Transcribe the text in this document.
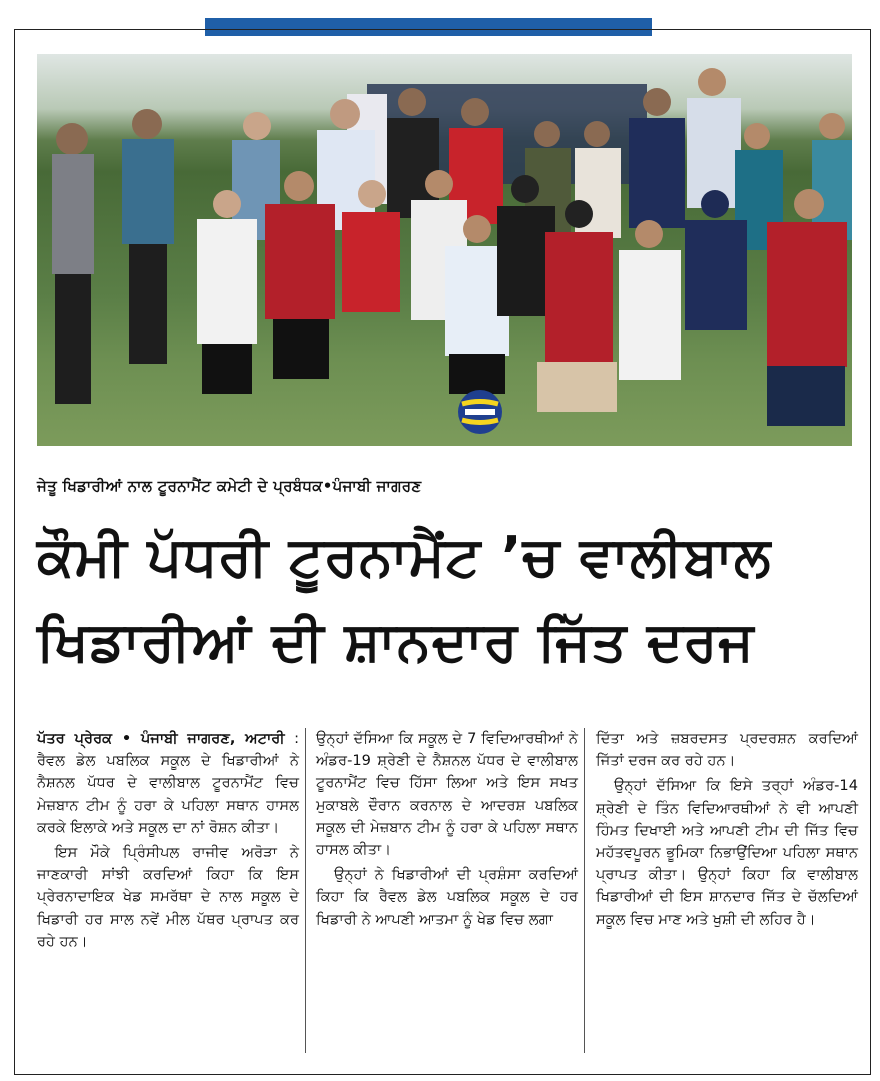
ਜੇਤੂ ਖਿਡਾਰੀਆਂ ਨਾਲ ਟੂਰਨਾਮੈਂਟ ਕਮੇਟੀ ਦੇ ਪ੍ਰਬੰਧਕ•ਪੰਜਾਬੀ ਜਾਗਰਣ
ਕੌਮੀ ਪੱਧਰੀ ਟੂਰਨਾਮੈਂਟ ’ਚ ਵਾਲੀਬਾਲ
ਖਿਡਾਰੀਆਂ ਦੀ ਸ਼ਾਨਦਾਰ ਜਿੱਤ ਦਰਜ

ਪੱਤਰ ਪ੍ਰੇਰਕ • ਪੰਜਾਬੀ ਜਾਗਰਣ, ਅਟਾਰੀ : ਰੈਵਲ ਡੇਲ ਪਬਲਿਕ ਸਕੂਲ ਦੇ ਖਿਡਾਰੀਆਂ ਨੇ ਨੈਸ਼ਨਲ ਪੱਧਰ ਦੇ ਵਾਲੀਬਾਲ ਟੂਰਨਾਮੈਂਟ ਵਿਚ ਮੇਜ਼ਬਾਨ ਟੀਮ ਨੂੰ ਹਰਾ ਕੇ ਪਹਿਲਾ ਸਥਾਨ ਹਾਸਲ ਕਰਕੇ ਇਲਾਕੇ ਅਤੇ ਸਕੂਲ ਦਾ ਨਾਂ ਰੋਸ਼ਨ ਕੀਤਾ।

ਇਸ ਮੌਕੇ ਪ੍ਰਿੰਸੀਪਲ ਰਾਜੀਵ ਅਰੋੜਾ ਨੇ ਜਾਣਕਾਰੀ ਸਾਂਝੀ ਕਰਦਿਆਂ ਕਿਹਾ ਕਿ ਇਸ ਪ੍ਰੇਰਨਾਦਾਇਕ ਖੇਡ ਸਮਰੱਥਾ ਦੇ ਨਾਲ ਸਕੂਲ ਦੇ ਖਿਡਾਰੀ ਹਰ ਸਾਲ ਨਵੇਂ ਮੀਲ ਪੱਥਰ ਪ੍ਰਾਪਤ ਕਰ ਰਹੇ ਹਨ।

ਉਨ੍ਹਾਂ ਦੱਸਿਆ ਕਿ ਸਕੂਲ ਦੇ 7 ਵਿਦਿਆਰਥੀਆਂ ਨੇ ਅੰਡਰ-19 ਸ਼੍ਰੇਣੀ ਦੇ ਨੈਸ਼ਨਲ ਪੱਧਰ ਦੇ ਵਾਲੀਬਾਲ ਟੂਰਨਾਮੈਂਟ ਵਿਚ ਹਿੱਸਾ ਲਿਆ ਅਤੇ ਇਸ ਸਖਤ ਮੁਕਾਬਲੇ ਦੌਰਾਨ ਕਰਨਾਲ ਦੇ ਆਦਰਸ਼ ਪਬਲਿਕ ਸਕੂਲ ਦੀ ਮੇਜ਼ਬਾਨ ਟੀਮ ਨੂੰ ਹਰਾ ਕੇ ਪਹਿਲਾ ਸਥਾਨ ਹਾਸਲ ਕੀਤਾ।

ਉਨ੍ਹਾਂ ਨੇ ਖਿਡਾਰੀਆਂ ਦੀ ਪ੍ਰਸ਼ੰਸਾ ਕਰਦਿਆਂ ਕਿਹਾ ਕਿ ਰੈਵਲ ਡੇਲ ਪਬਲਿਕ ਸਕੂਲ ਦੇ ਹਰ ਖਿਡਾਰੀ ਨੇ ਆਪਣੀ ਆਤਮਾ ਨੂੰ ਖੇਡ ਵਿਚ ਲਗਾ

ਦਿੱਤਾ ਅਤੇ ਜ਼ਬਰਦਸਤ ਪ੍ਰਦਰਸ਼ਨ ਕਰਦਿਆਂ ਜਿੱਤਾਂ ਦਰਜ ਕਰ ਰਹੇ ਹਨ।

ਉਨ੍ਹਾਂ ਦੱਸਿਆ ਕਿ ਇਸੇ ਤਰ੍ਹਾਂ ਅੰਡਰ-14 ਸ਼੍ਰੇਣੀ ਦੇ ਤਿੰਨ ਵਿਦਿਆਰਥੀਆਂ ਨੇ ਵੀ ਆਪਣੀ ਹਿੰਮਤ ਦਿਖਾਈ ਅਤੇ ਆਪਣੀ ਟੀਮ ਦੀ ਜਿੱਤ ਵਿਚ ਮਹੱਤਵਪੂਰਨ ਭੂਮਿਕਾ ਨਿਭਾਉਂਦਿਆ ਪਹਿਲਾ ਸਥਾਨ ਪ੍ਰਾਪਤ ਕੀਤਾ। ਉਨ੍ਹਾਂ ਕਿਹਾ ਕਿ ਵਾਲੀਬਾਲ ਖਿਡਾਰੀਆਂ ਦੀ ਇਸ ਸ਼ਾਨਦਾਰ ਜਿੱਤ ਦੇ ਚੱਲਦਿਆਂ ਸਕੂਲ ਵਿਚ ਮਾਣ ਅਤੇ ਖੁਸ਼ੀ ਦੀ ਲਹਿਰ ਹੈ।
